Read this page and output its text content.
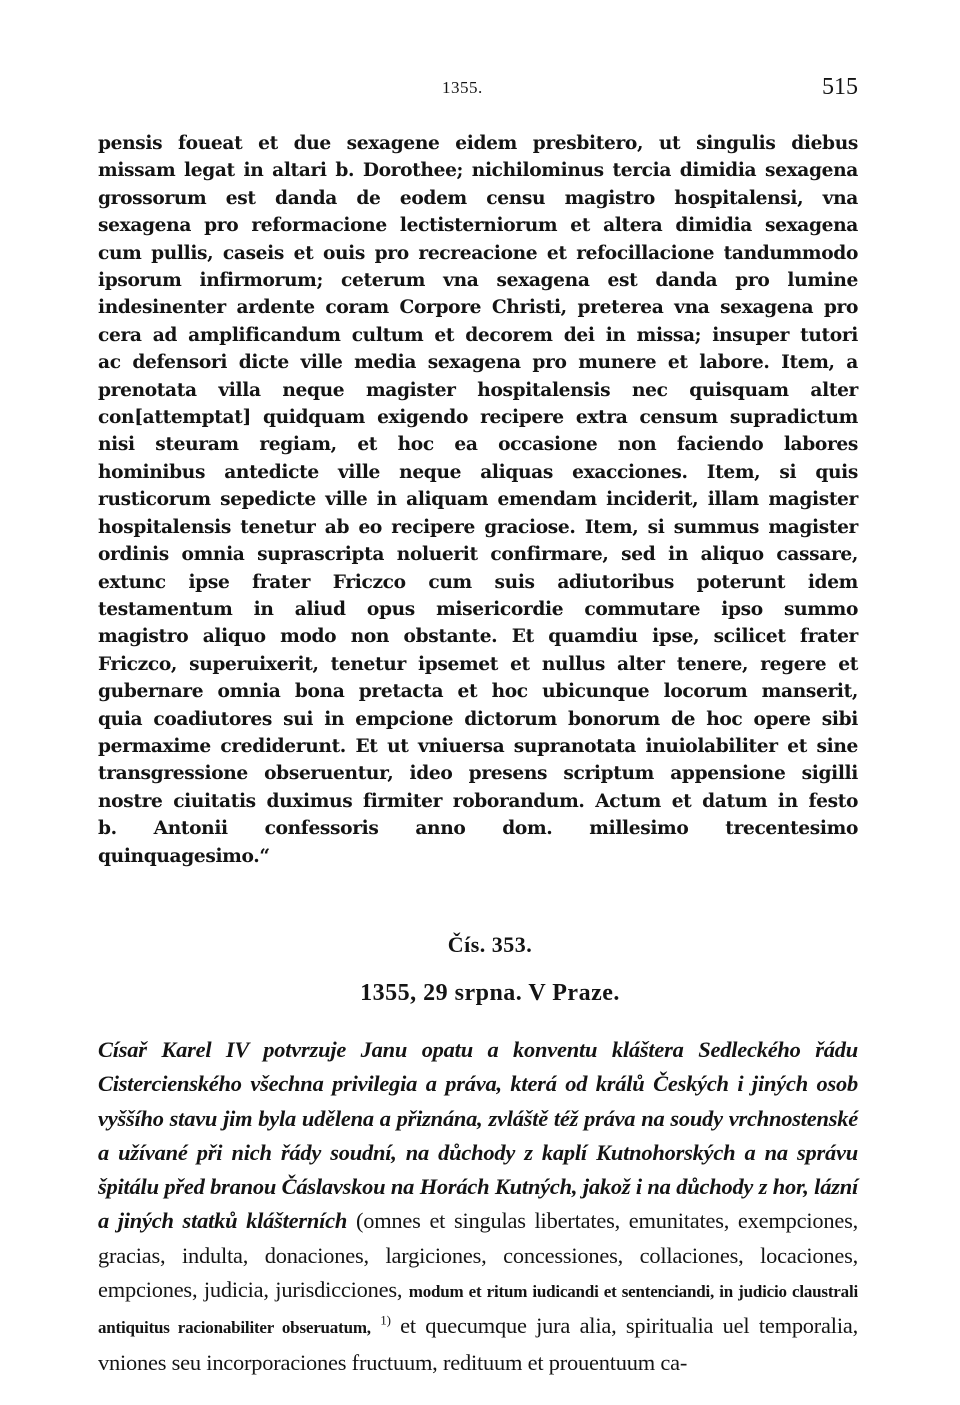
1355.	515

pensis foueat et due sexagene eidem presbitero, ut singulis diebus missam legat in altari b. Dorothee; nichilominus tercia dimidia sexagena grossorum est danda de eodem censu magistro hospitalensi, vna sexagena pro reformacione lectisterniorum et altera dimidia sexagena cum pullis, caseis et ouis pro recreacione et refocillacione tandummodo ipsorum infirmorum; ceterum vna sexagena est danda pro lumine indesinenter ardente coram Corpore Christi, preterea vna sexagena pro cera ad amplificandum cultum et decorem dei in missa; insuper tutori ac defensori dicte ville media sexagena pro munere et labore. Item, a prenotata villa neque magister hospitalensis nec quisquam alter con[attemptat] quidquam exigendo recipere extra censum supradictum nisi steuram regiam, et hoc ea occasione non faciendo labores hominibus antedicte ville neque aliquas exacciones. Item, si quis rusticorum sepedicte ville in aliquam emendam inciderit, illam magister hospitalensis tenetur ab eo recipere graciose. Item, si summus magister ordinis omnia suprascripta noluerit confirmare, sed in aliquo cassare, extunc ipse frater Friczco cum suis adiutoribus poterunt idem testamentum in aliud opus misericordie commutare ipso summo magistro aliquo modo non obstante. Et quamdiu ipse, scilicet frater Friczco, superuixerit, tenetur ipsemet et nullus alter tenere, regere et gubernare omnia bona pretacta et hoc ubicunque locorum manserit, quia coadiutores sui in empcione dictorum bonorum de hoc opere sibi permaxime crediderunt. Et ut vniuersa supranotata inuiolabiliter et sine transgressione obseruentur, ideo presens scriptum appensione sigilli nostre ciuitatis duximus firmiter roborandum. Actum et datum in festo b. Antonii confessoris anno dom. millesimo trecentesimo quinquagesimo.“

Čís. 353.
1355, 29 srpna. V Praze.
Císař Karel IV potvrzuje Janu opatu a konventu kláštera Sedleckého řádu Cisterciensk​ého všechna privilegia a práva, která od králů Českých i jiných osob vyššího stavu jim byla udělena a přiznána, zvláště též práva na soudy vrchnostenské a užívané při nich řády soudní, na důchody z kaplí Kutnohorských a na správu špitálu před branou Čáslavskou na Horách Kutných, jakož i na důchody z hor, lázní a jiných statků klášterních (omnes et singulas libertates, emunitates, exempciones, gracias, indulta, donaciones, largiciones, concessiones, collaciones, locaciones, empciones, judicia, jurisdicciones, modum et ritum iudicandi et sentenciandi, in judicio claustrali antiquitus racionabiliter obseruatum, $^{1)}$ et quecumque jura alia, spiritualia uel temporalia, vniones seu incorporaciones fructuum, redituum et prouentuum ca-
